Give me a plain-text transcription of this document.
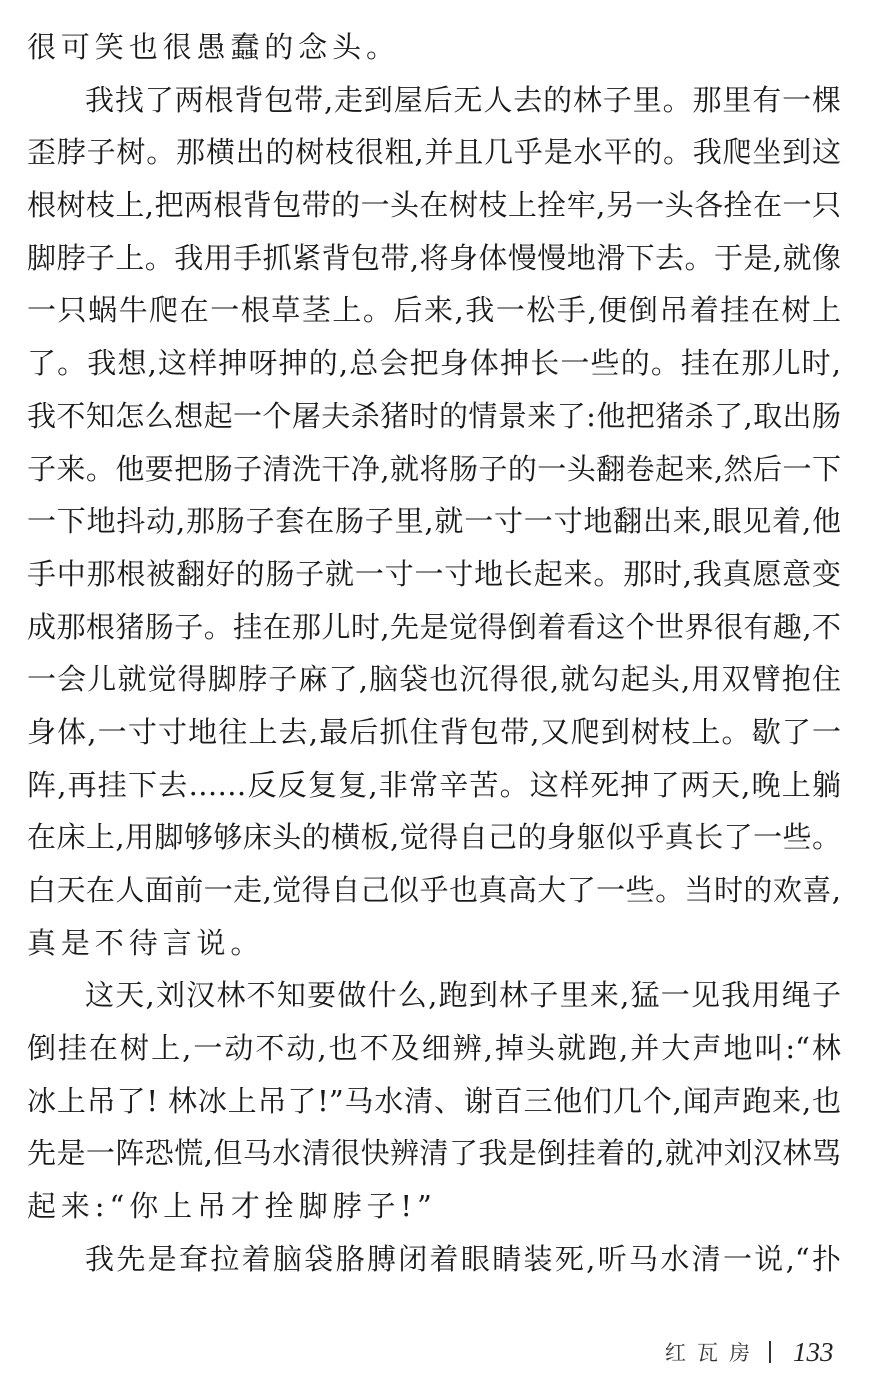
很可笑也很愚蠢的念头。
我找了两根背包带,走到屋后无人去的林子里。那里有一棵
歪脖子树。那横出的树枝很粗,并且几乎是水平的。我爬坐到这
根树枝上,把两根背包带的一头在树枝上拴牢,另一头各拴在一只
脚脖子上。我用手抓紧背包带,将身体慢慢地滑下去。于是,就像
一只蜗牛爬在一根草茎上。后来,我一松手,便倒吊着挂在树上
了。我想,这样抻呀抻的,总会把身体抻长一些的。挂在那儿时,
我不知怎么想起一个屠夫杀猪时的情景来了:他把猪杀了,取出肠
子来。他要把肠子清洗干净,就将肠子的一头翻卷起来,然后一下
一下地抖动,那肠子套在肠子里,就一寸一寸地翻出来,眼见着,他
手中那根被翻好的肠子就一寸一寸地长起来。那时,我真愿意变
成那根猪肠子。挂在那儿时,先是觉得倒着看这个世界很有趣,不
一会儿就觉得脚脖子麻了,脑袋也沉得很,就勾起头,用双臂抱住
身体,一寸寸地往上去,最后抓住背包带,又爬到树枝上。歇了一
阵,再挂下去……反反复复,非常辛苦。这样死抻了两天,晚上躺
在床上,用脚够够床头的横板,觉得自己的身躯似乎真长了一些。
白天在人面前一走,觉得自己似乎也真高大了一些。当时的欢喜,
真是不待言说。
这天,刘汉林不知要做什么,跑到林子里来,猛一见我用绳子
倒挂在树上,一动不动,也不及细辨,掉头就跑,并大声地叫:“林
冰上吊了! 林冰上吊了!”马水清、谢百三他们几个,闻声跑来,也
先是一阵恐慌,但马水清很快辨清了我是倒挂着的,就冲刘汉林骂
起来:“你上吊才拴脚脖子!”
我先是耷拉着脑袋胳膊闭着眼睛装死,听马水清一说,“扑
红瓦房 133
